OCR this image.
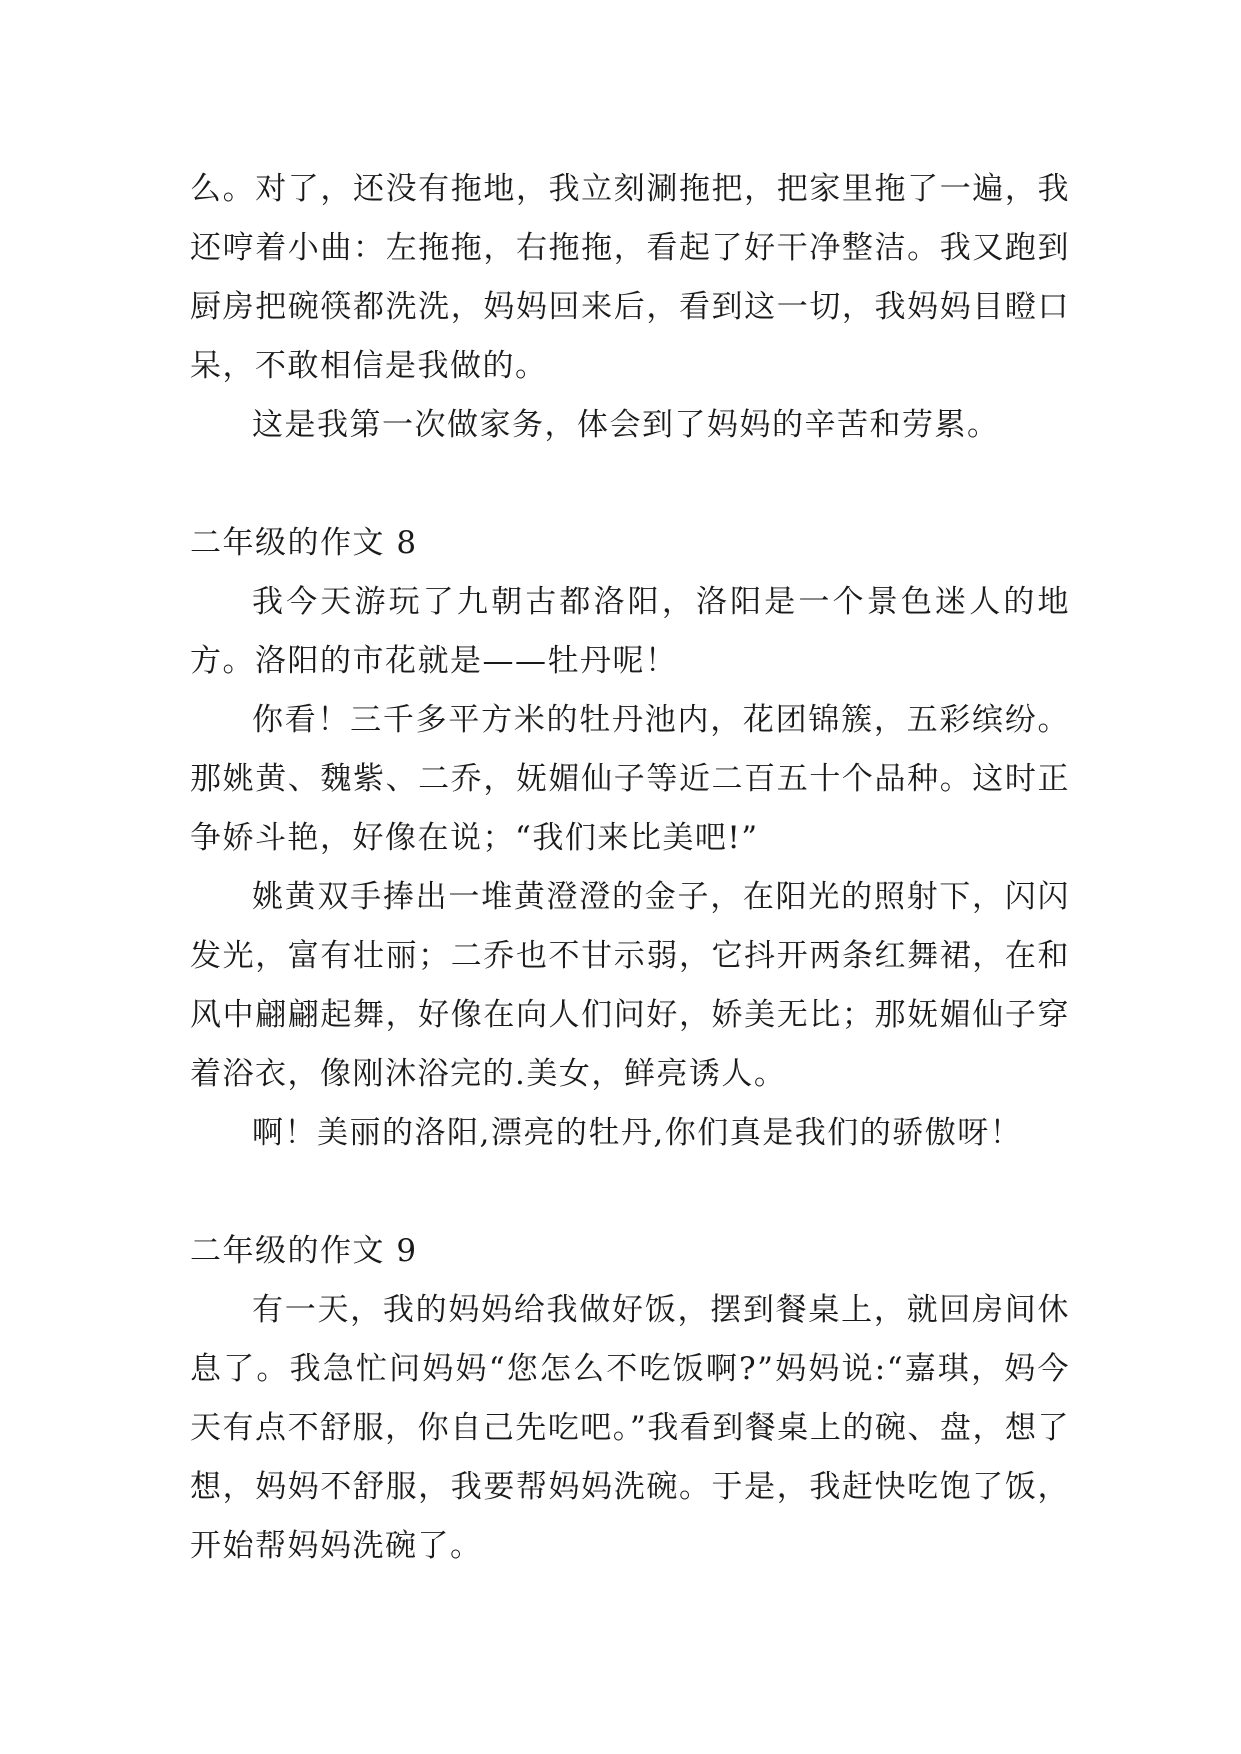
么。对了，还没有拖地，我立刻涮拖把，把家里拖了一遍，我还哼着小曲：左拖拖，右拖拖，看起了好干净整洁。我又跑到厨房把碗筷都洗洗，妈妈回来后，看到这一切，我妈妈目瞪口呆，不敢相信是我做的。

这是我第一次做家务，体会到了妈妈的辛苦和劳累。

二年级的作文 8

我今天游玩了九朝古都洛阳，洛阳是一个景色迷人的地方。洛阳的市花就是——牡丹呢！

你看！三千多平方米的牡丹池内，花团锦簇，五彩缤纷。那姚黄、魏紫、二乔，妩媚仙子等近二百五十个品种。这时正争娇斗艳，好像在说；“我们来比美吧!”

姚黄双手捧出一堆黄澄澄的金子，在阳光的照射下，闪闪发光，富有壮丽；二乔也不甘示弱，它抖开两条红舞裙，在和风中翩翩起舞，好像在向人们问好，娇美无比；那妩媚仙子穿着浴衣，像刚沐浴完的.美女，鲜亮诱人。

啊！美丽的洛阳,漂亮的牡丹,你们真是我们的骄傲呀！

二年级的作文 9

有一天，我的妈妈给我做好饭，摆到餐桌上，就回房间休息了。我急忙问妈妈“您怎么不吃饭啊?”妈妈说:“嘉琪，妈今天有点不舒服，你自己先吃吧。”我看到餐桌上的碗、盘，想了想，妈妈不舒服，我要帮妈妈洗碗。于是，我赶快吃饱了饭，开始帮妈妈洗碗了。
